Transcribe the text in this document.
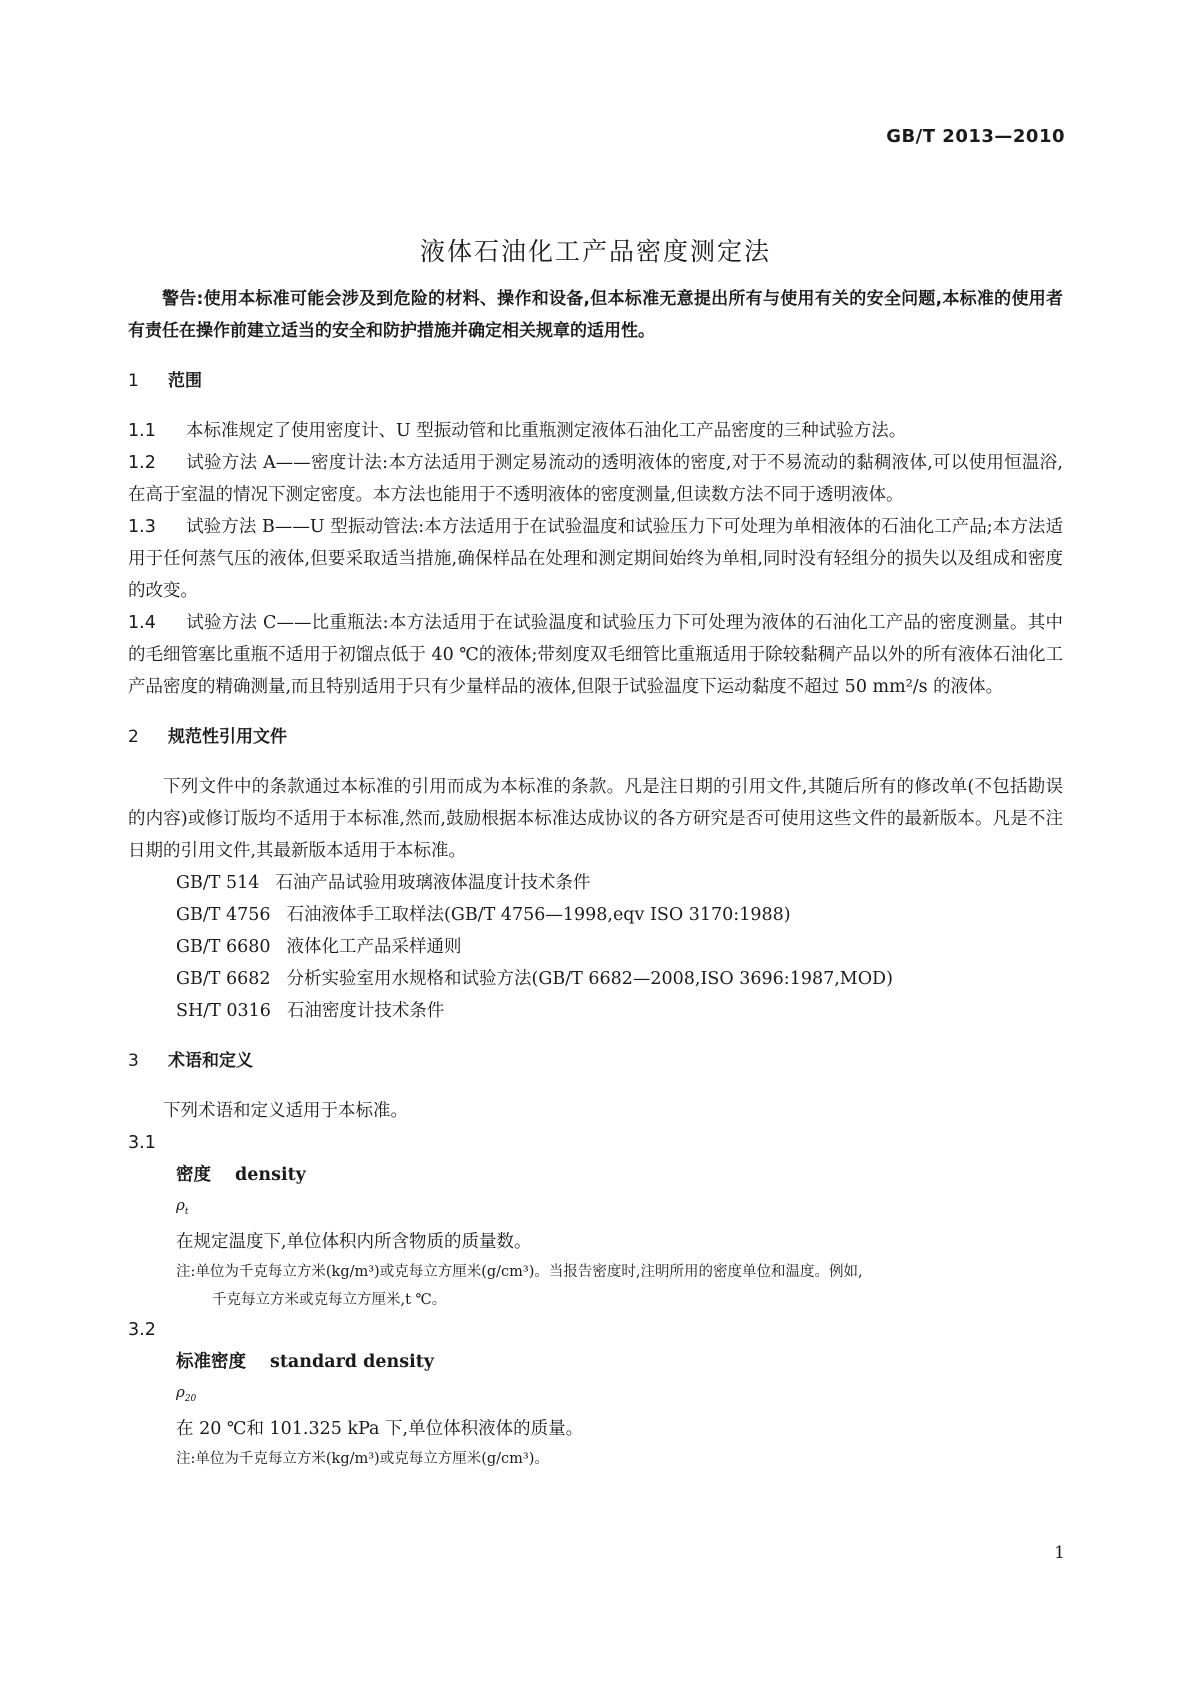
GB/T 2013—2010
液体石油化工产品密度测定法

警告:使用本标准可能会涉及到危险的材料、操作和设备,但本标准无意提出所有与使用有关的安全问题,本标准的使用者有责任在操作前建立适当的安全和防护措施并确定相关规章的适用性。

1 范围

1.1 本标准规定了使用密度计、U 型振动管和比重瓶测定液体石油化工产品密度的三种试验方法。

1.2 试验方法 A——密度计法:本方法适用于测定易流动的透明液体的密度,对于不易流动的黏稠液体,可以使用恒温浴,在高于室温的情况下测定密度。本方法也能用于不透明液体的密度测量,但读数方法不同于透明液体。

1.3 试验方法 B——U 型振动管法:本方法适用于在试验温度和试验压力下可处理为单相液体的石油化工产品;本方法适用于任何蒸气压的液体,但要采取适当措施,确保样品在处理和测定期间始终为单相,同时没有轻组分的损失以及组成和密度的改变。

1.4 试验方法 C——比重瓶法:本方法适用于在试验温度和试验压力下可处理为液体的石油化工产品的密度测量。其中的毛细管塞比重瓶不适用于初馏点低于 40 ℃的液体;带刻度双毛细管比重瓶适用于除较黏稠产品以外的所有液体石油化工产品密度的精确测量,而且特别适用于只有少量样品的液体,但限于试验温度下运动黏度不超过 50 mm²/s 的液体。

2 规范性引用文件

下列文件中的条款通过本标准的引用而成为本标准的条款。凡是注日期的引用文件,其随后所有的修改单(不包括勘误的内容)或修订版均不适用于本标准,然而,鼓励根据本标准达成协议的各方研究是否可使用这些文件的最新版本。凡是不注日期的引用文件,其最新版本适用于本标准。

GB/T 514 石油产品试验用玻璃液体温度计技术条件
GB/T 4756 石油液体手工取样法(GB/T 4756—1998,eqv ISO 3170:1988)
GB/T 6680 液体化工产品采样通则
GB/T 6682 分析实验室用水规格和试验方法(GB/T 6682—2008,ISO 3696:1987,MOD)
SH/T 0316 石油密度计技术条件

3 术语和定义

下列术语和定义适用于本标准。

3.1

密度 density

$\rho_t$

在规定温度下,单位体积内所含物质的质量数。

注:单位为千克每立方米(kg/m³)或克每立方厘米(g/cm³)。当报告密度时,注明所用的密度单位和温度。例如,

千克每立方米或克每立方厘米,t ℃。

3.2

标准密度 standard density

$\rho_{20}$

在 20 ℃和 101.325 kPa 下,单位体积液体的质量。

注:单位为千克每立方米(kg/m³)或克每立方厘米(g/cm³)。

1
